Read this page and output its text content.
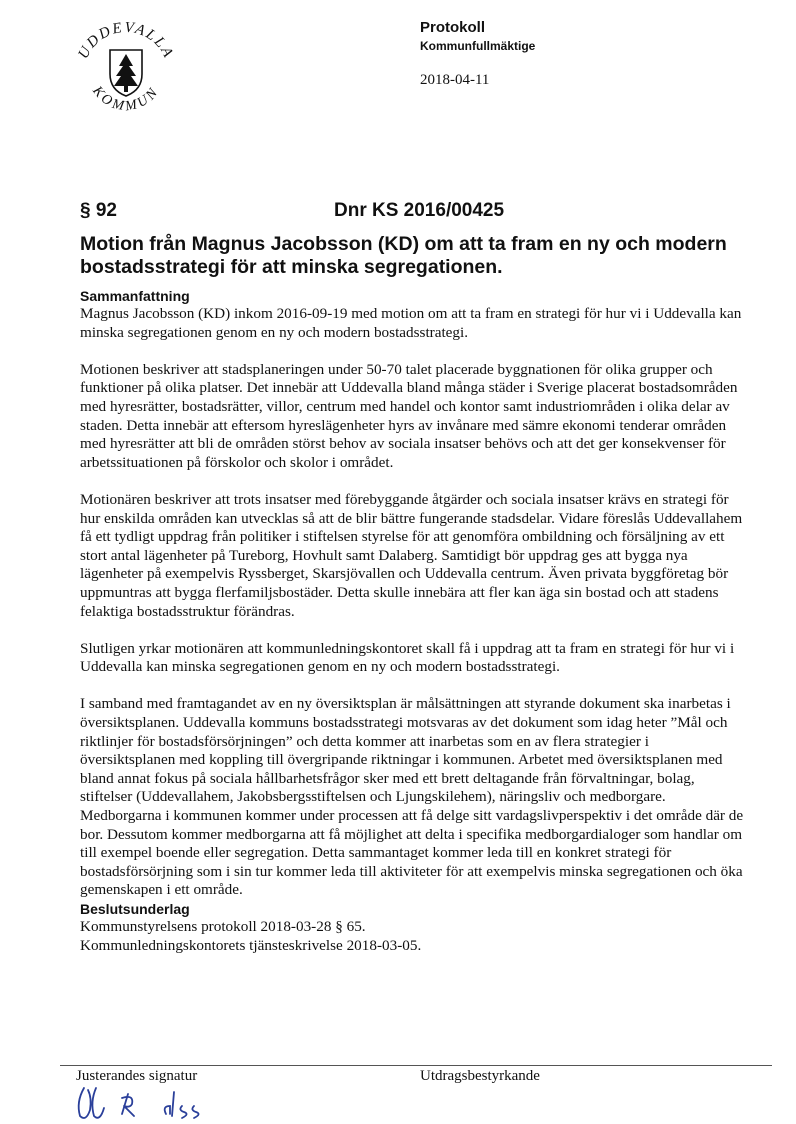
UDDEVALLA
KOMMUN
Protokoll
Kommunfullmäktige
2018-04-11
§ 92	Dnr KS 2016/00425
Motion från Magnus Jacobsson (KD) om att ta fram en ny och modern bostadsstrategi för att minska segregationen.
Sammanfattning

Magnus Jacobsson (KD) inkom 2016-09-19 med motion om att ta fram en strategi för hur vi i Uddevalla kan minska segregationen genom en ny och modern bostadsstrategi.

Motionen beskriver att stadsplaneringen under 50-70 talet placerade byggnationen för olika grupper och funktioner på olika platser. Det innebär att Uddevalla bland många städer i Sverige placerat bostadsområden med hyresrätter, bostadsrätter, villor, centrum med handel och kontor samt industriområden i olika delar av staden. Detta innebär att eftersom hyreslägenheter hyrs av invånare med sämre ekonomi tenderar områden med hyresrätter att bli de områden störst behov av sociala insatser behövs och att det ger konsekvenser för arbetssituationen på förskolor och skolor i området.

Motionären beskriver att trots insatser med förebyggande åtgärder och sociala insatser krävs en strategi för hur enskilda områden kan utvecklas så att de blir bättre fungerande stadsdelar. Vidare föreslås Uddevallahem få ett tydligt uppdrag från politiker i stiftelsen styrelse för att genomföra ombildning och försäljning av ett stort antal lägenheter på Tureborg, Hovhult samt Dalaberg. Samtidigt bör uppdrag ges att bygga nya lägenheter på exempelvis Ryssberget, Skarsjövallen och Uddevalla centrum. Även privata byggföretag bör uppmuntras att bygga flerfamiljsbostäder. Detta skulle innebära att fler kan äga sin bostad och att stadens felaktiga bostadsstruktur förändras.

Slutligen yrkar motionären att kommunledningskontoret skall få i uppdrag att ta fram en strategi för hur vi i Uddevalla kan minska segregationen genom en ny och modern bostadsstrategi.

I samband med framtagandet av en ny översiktsplan är målsättningen att styrande dokument ska inarbetas i översiktsplanen. Uddevalla kommuns bostadsstrategi motsvaras av det dokument som idag heter ”Mål och riktlinjer för bostadsförsörjningen” och detta kommer att inarbetas som en av flera strategier i översiktsplanen med koppling till övergripande riktningar i kommunen. Arbetet med översiktsplanen med bland annat fokus på sociala hållbarhetsfrågor sker med ett brett deltagande från förvaltningar, bolag, stiftelser (Uddevallahem, Jakobsbergsstiftelsen och Ljungskilehem), näringsliv och medborgare. Medborgarna i kommunen kommer under processen att få delge sitt vardagslivperspektiv i det område där de bor. Dessutom kommer medborgarna att få möjlighet att delta i specifika medborgardialoger som handlar om till exempel boende eller segregation. Detta sammantaget kommer leda till en konkret strategi för bostadsförsörjning som i sin tur kommer leda till aktiviteter för att exempelvis minska segregationen och öka gemenskapen i ett område.

Beslutsunderlag
Kommunstyrelsens protokoll 2018-03-28 § 65.
Kommunledningskontorets tjänsteskrivelse 2018-03-05.
Justerandes signatur	Utdragsbestyrkande
